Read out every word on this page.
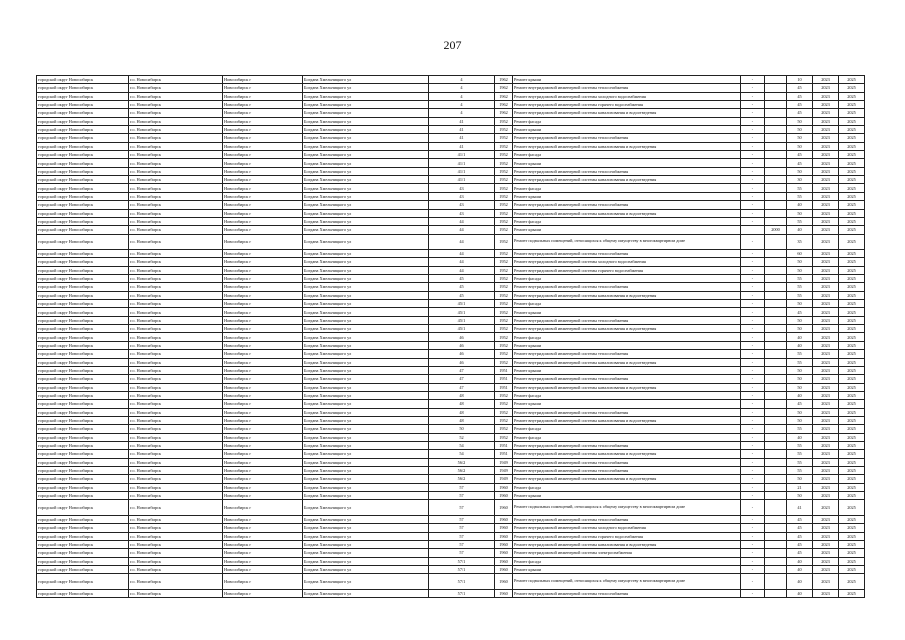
207
городской округ Новосибирск	г.о. Новосибирск	Новосибирск г	Богдана Хмельницкого ул	4	1962	Ремонт крыши	-		10	2023	2025
городской округ Новосибирск	г.о. Новосибирск	Новосибирск г	Богдана Хмельницкого ул	4	1962	Ремонт внутридомовой инженерной системы теплоснабжения	-		45	2023	2025
городской округ Новосибирск	г.о. Новосибирск	Новосибирск г	Богдана Хмельницкого ул	4	1962	Ремонт внутридомовой инженерной системы холодного водоснабжения	-		45	2023	2025
городской округ Новосибирск	г.о. Новосибирск	Новосибирск г	Богдана Хмельницкого ул	4	1962	Ремонт внутридомовой инженерной системы горячего водоснабжения	-		45	2023	2025
городской округ Новосибирск	г.о. Новосибирск	Новосибирск г	Богдана Хмельницкого ул	4	1962	Ремонт внутридомовой инженерной системы канализования и водоотведения	-		45	2023	2025
городской округ Новосибирск	г.о. Новосибирск	Новосибирск г	Богдана Хмельницкого ул	41	1952	Ремонт фасада	-		50	2023	2025
городской округ Новосибирск	г.о. Новосибирск	Новосибирск г	Богдана Хмельницкого ул	41	1952	Ремонт крыши	-		50	2023	2025
городской округ Новосибирск	г.о. Новосибирск	Новосибирск г	Богдана Хмельницкого ул	41	1952	Ремонт внутридомовой инженерной системы теплоснабжения	-		50	2023	2025
городской округ Новосибирск	г.о. Новосибирск	Новосибирск г	Богдана Хмельницкого ул	41	1952	Ремонт внутридомовой инженерной системы канализования и водоотведения	-		50	2023	2025
городской округ Новосибирск	г.о. Новосибирск	Новосибирск г	Богдана Хмельницкого ул	41/1	1952	Ремонт фасада	-		45	2023	2025
городской округ Новосибирск	г.о. Новосибирск	Новосибирск г	Богдана Хмельницкого ул	41/1	1952	Ремонт крыши	-		45	2023	2025
городской округ Новосибирск	г.о. Новосибирск	Новосибирск г	Богдана Хмельницкого ул	41/1	1952	Ремонт внутридомовой инженерной системы теплоснабжения	-		50	2023	2025
городской округ Новосибирск	г.о. Новосибирск	Новосибирск г	Богдана Хмельницкого ул	41/1	1952	Ремонт внутридомовой инженерной системы канализования и водоотведения	-		30	2023	2025
городской округ Новосибирск	г.о. Новосибирск	Новосибирск г	Богдана Хмельницкого ул	43	1952	Ремонт фасада	-		55	2023	2025
городской округ Новосибирск	г.о. Новосибирск	Новосибирск г	Богдана Хмельницкого ул	43	1952	Ремонт крыши	-		55	2023	2025
городской округ Новосибирск	г.о. Новосибирск	Новосибирск г	Богдана Хмельницкого ул	43	1952	Ремонт внутридомовой инженерной системы теплоснабжения	-		40	2023	2025
городской округ Новосибирск	г.о. Новосибирск	Новосибирск г	Богдана Хмельницкого ул	43	1952	Ремонт внутридомовой инженерной системы канализования и водоотведения	-		50	2023	2025
городской округ Новосибирск	г.о. Новосибирск	Новосибирск г	Богдана Хмельницкого ул	44	1952	Ремонт фасада	-		55	2023	2025
городской округ Новосибирск	г.о. Новосибирск	Новосибирск г	Богдана Хмельницкого ул	44	1952	Ремонт крыши		2000	40	2023	2025
городской округ Новосибирск	г.о. Новосибирск	Новосибирск г	Богдана Хмельницкого ул	44	1952	Ремонт подвальных помещений, относящихся к общему имуществу в многоквартирном доме	-		35	2023	2025
городской округ Новосибирск	г.о. Новосибирск	Новосибирск г	Богдана Хмельницкого ул	44	1952	Ремонт внутридомовой инженерной системы теплоснабжения	-		60	2023	2025
городской округ Новосибирск	г.о. Новосибирск	Новосибирск г	Богдана Хмельницкого ул	44	1952	Ремонт внутридомовой инженерной системы холодного водоснабжения	-		50	2023	2025
городской округ Новосибирск	г.о. Новосибирск	Новосибирск г	Богдана Хмельницкого ул	44	1952	Ремонт внутридомовой инженерной системы горячего водоснабжения	-		50	2023	2025
городской округ Новосибирск	г.о. Новосибирск	Новосибирск г	Богдана Хмельницкого ул	45	1952	Ремонт фасада	-		55	2023	2025
городской округ Новосибирск	г.о. Новосибирск	Новосибирск г	Богдана Хмельницкого ул	45	1952	Ремонт внутридомовой инженерной системы теплоснабжения	-		55	2023	2025
городской округ Новосибирск	г.о. Новосибирск	Новосибирск г	Богдана Хмельницкого ул	45	1952	Ремонт внутридомовой инженерной системы канализования и водоотведения	-		55	2023	2025
городской округ Новосибирск	г.о. Новосибирск	Новосибирск г	Богдана Хмельницкого ул	45/1	1952	Ремонт фасада	-		50	2023	2025
городской округ Новосибирск	г.о. Новосибирск	Новосибирск г	Богдана Хмельницкого ул	45/1	1952	Ремонт крыши	-		45	2023	2025
городской округ Новосибирск	г.о. Новосибирск	Новосибирск г	Богдана Хмельницкого ул	45/1	1952	Ремонт внутридомовой инженерной системы теплоснабжения	-		50	2023	2025
городской округ Новосибирск	г.о. Новосибирск	Новосибирск г	Богдана Хмельницкого ул	45/1	1952	Ремонт внутридомовой инженерной системы канализования и водоотведения	-		50	2023	2025
городской округ Новосибирск	г.о. Новосибирск	Новосибирск г	Богдана Хмельницкого ул	46	1952	Ремонт фасада	-		40	2023	2025
городской округ Новосибирск	г.о. Новосибирск	Новосибирск г	Богдана Хмельницкого ул	46	1952	Ремонт крыши	-		40	2023	2025
городской округ Новосибирск	г.о. Новосибирск	Новосибирск г	Богдана Хмельницкого ул	46	1952	Ремонт внутридомовой инженерной системы теплоснабжения	-		55	2023	2025
городской округ Новосибирск	г.о. Новосибирск	Новосибирск г	Богдана Хмельницкого ул	46	1952	Ремонт внутридомовой инженерной системы канализования и водоотведения	-		55	2023	2025
городской округ Новосибирск	г.о. Новосибирск	Новосибирск г	Богдана Хмельницкого ул	47	1951	Ремонт крыши	-		50	2023	2025
городской округ Новосибирск	г.о. Новосибирск	Новосибирск г	Богдана Хмельницкого ул	47	1951	Ремонт внутридомовой инженерной системы теплоснабжения	-		50	2023	2025
городской округ Новосибирск	г.о. Новосибирск	Новосибирск г	Богдана Хмельницкого ул	47	1951	Ремонт внутридомовой инженерной системы канализования и водоотведения	-		50	2023	2025
городской округ Новосибирск	г.о. Новосибирск	Новосибирск г	Богдана Хмельницкого ул	48	1952	Ремонт фасада	-		40	2023	2025
городской округ Новосибирск	г.о. Новосибирск	Новосибирск г	Богдана Хмельницкого ул	48	1952	Ремонт крыши	-		45	2023	2025
городской округ Новосибирск	г.о. Новосибирск	Новосибирск г	Богдана Хмельницкого ул	48	1952	Ремонт внутридомовой инженерной системы теплоснабжения	-		50	2023	2025
городской округ Новосибирск	г.о. Новосибирск	Новосибирск г	Богдана Хмельницкого ул	48	1952	Ремонт внутридомовой инженерной системы канализования и водоотведения	-		50	2023	2025
городской округ Новосибирск	г.о. Новосибирск	Новосибирск г	Богдана Хмельницкого ул	50	1952	Ремонт фасада	-		55	2023	2025
городской округ Новосибирск	г.о. Новосибирск	Новосибирск г	Богдана Хмельницкого ул	52	1952	Ремонт фасада	-		40	2023	2025
городской округ Новосибирск	г.о. Новосибирск	Новосибирск г	Богдана Хмельницкого ул	54	1951	Ремонт внутридомовой инженерной системы теплоснабжения	-		55	2023	2025
городской округ Новосибирск	г.о. Новосибирск	Новосибирск г	Богдана Хмельницкого ул	54	1951	Ремонт внутридомовой инженерной системы канализования и водоотведения	-		55	2023	2025
городской округ Новосибирск	г.о. Новосибирск	Новосибирск г	Богдана Хмельницкого ул	56/2	1949	Ремонт внутридомовой инженерной системы теплоснабжения	-		55	2023	2025
городской округ Новосибирск	г.о. Новосибирск	Новосибирск г	Богдана Хмельницкого ул	56/2	1949	Ремонт внутридомовой инженерной системы теплоснабжения	-		55	2023	2025
городской округ Новосибирск	г.о. Новосибирск	Новосибирск г	Богдана Хмельницкого ул	56/2	1949	Ремонт внутридомовой инженерной системы канализования и водоотведения	-		50	2023	2025
городской округ Новосибирск	г.о. Новосибирск	Новосибирск г	Богдана Хмельницкого ул	57	1960	Ремонт фасада	-		21	2023	2025
городской округ Новосибирск	г.о. Новосибирск	Новосибирск г	Богдана Хмельницкого ул	57	1960	Ремонт крыши	-		50	2023	2025
городской округ Новосибирск	г.о. Новосибирск	Новосибирск г	Богдана Хмельницкого ул	57	1960	Ремонт подвальных помещений, относящихся к общему имуществу в многоквартирном доме	-		41	2023	2025
городской округ Новосибирск	г.о. Новосибирск	Новосибирск г	Богдана Хмельницкого ул	57	1960	Ремонт внутридомовой инженерной системы теплоснабжения	-		45	2023	2025
городской округ Новосибирск	г.о. Новосибирск	Новосибирск г	Богдана Хмельницкого ул	57	1960	Ремонт внутридомовой инженерной системы холодного водоснабжения	-		45	2023	2025
городской округ Новосибирск	г.о. Новосибирск	Новосибирск г	Богдана Хмельницкого ул	57	1960	Ремонт внутридомовой инженерной системы горячего водоснабжения	-		45	2023	2025
городской округ Новосибирск	г.о. Новосибирск	Новосибирск г	Богдана Хмельницкого ул	57	1960	Ремонт внутридомовой инженерной системы канализования и водоотведения	-		45	2023	2025
городской округ Новосибирск	г.о. Новосибирск	Новосибирск г	Богдана Хмельницкого ул	57	1960	Ремонт внутридомовой инженерной системы электроснабжения	-		45	2023	2025
городской округ Новосибирск	г.о. Новосибирск	Новосибирск г	Богдана Хмельницкого ул	57/1	1960	Ремонт фасада	-		40	2023	2025
городской округ Новосибирск	г.о. Новосибирск	Новосибирск г	Богдана Хмельницкого ул	57/1	1960	Ремонт крыши	-		40	2023	2025
городской округ Новосибирск	г.о. Новосибирск	Новосибирск г	Богдана Хмельницкого ул	57/1	1960	Ремонт подвальных помещений, относящихся к общему имуществу в многоквартирном доме	-		40	2023	2025
городской округ Новосибирск	г.о. Новосибирск	Новосибирск г	Богдана Хмельницкого ул	57/1	1960	Ремонт внутридомовой инженерной системы теплоснабжения	-		40	2023	2025
